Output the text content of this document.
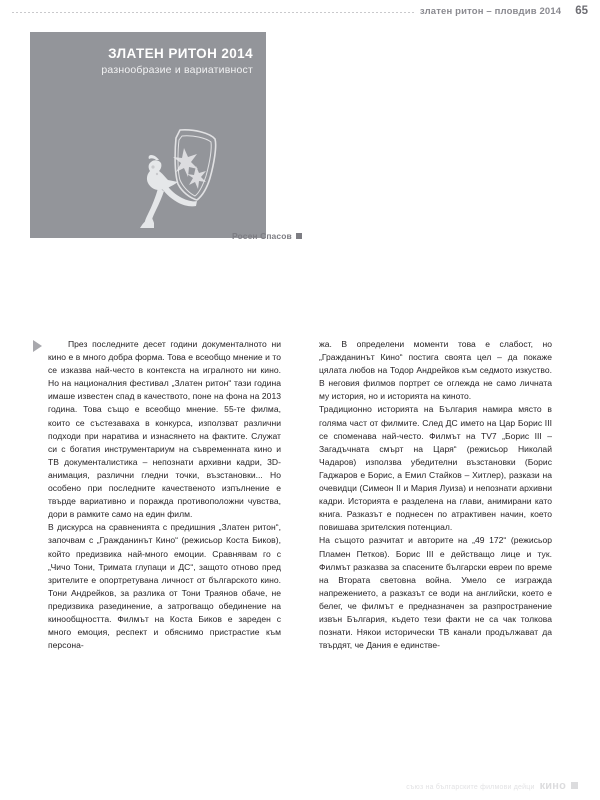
златен ритон – пловдив 2014 65
ЗЛАТЕН РИТОН 2014
разнообразие и вариативност
Росен Спасов

През последните десет години документалното ни кино е в много добра форма. Това е всеобщо мнение и то се изказва най-често в контекста на игралното ни кино. Но на националния фестивал „Златен ритон“ тази година имаше известен спад в качеството, поне на фона на 2013 година. Това също е всеобщо мнение. 55-те филма, които се състезаваха в конкурса, използват различни подходи при наратива и изнасянето на фактите. Служат си с богатия инструментариум на съвременната кино и ТВ документалистика – непознати архивни кадри, 3D-анимация, различни гледни точки, възстановки... Но особено при последните качественото изпълнение е твърде вариативно и поражда противоположни чувства, дори в рамките само на един филм.

В дискурса на сравненията с предишния „Златен ритон“, започвам с „Гражданинът Кино“ (режисьор Коста Биков), който предизвика най-много емоции. Сравнявам го с „Чичо Тони, Тримата глупаци и ДС“, защото отново пред зрителите е опортретувана личност от българското кино. Тони Андрейков, за разлика от Тони Траянов обаче, не предизвика разединение, а затрогващо обединение на кинообщността. Филмът на Коста Биков е зареден с много емоция, респект и обяснимо пристрастие към персона-

жа. В определени моменти това е слабост, но „Гражданинът Кино“ постига своята цел – да покаже цялата любов на Тодор Андрейков към седмото изкуство. В неговия филмов портрет се оглежда не само личната му история, но и историята на киното.

Традиционно историята на България намира място в голяма част от филмите. След ДС името на Цар Борис III се споменава най-често. Филмът на TV7 „Борис III – Загадъчната смърт на Царя“ (режисьор Николай Чадаров) използва убедителни възстановки (Борис Гаджаров е Борис, а Емил Стайков – Хитлер), разкази на очевидци (Симеон II и Мария Луиза) и непознати архивни кадри. Историята е разделена на глави, анимирани като книга. Разказът е поднесен по атрактивен начин, което повишава зрителския потенциал.

На същото разчитат и авторите на „49 172“ (режисьор Пламен Петков). Борис III е действащо лице и тук. Филмът разказва за спасените български евреи по време на Втората световна война. Умело се изгражда напрежението, а разказът се води на английски, което е белег, че филмът е предназначен за разпространение извън България, където тези факти не са чак толкова познати. Някои исторически ТВ канали продължават да твърдят, че Дания е единстве-

съюз на българските филмови дейци кино
